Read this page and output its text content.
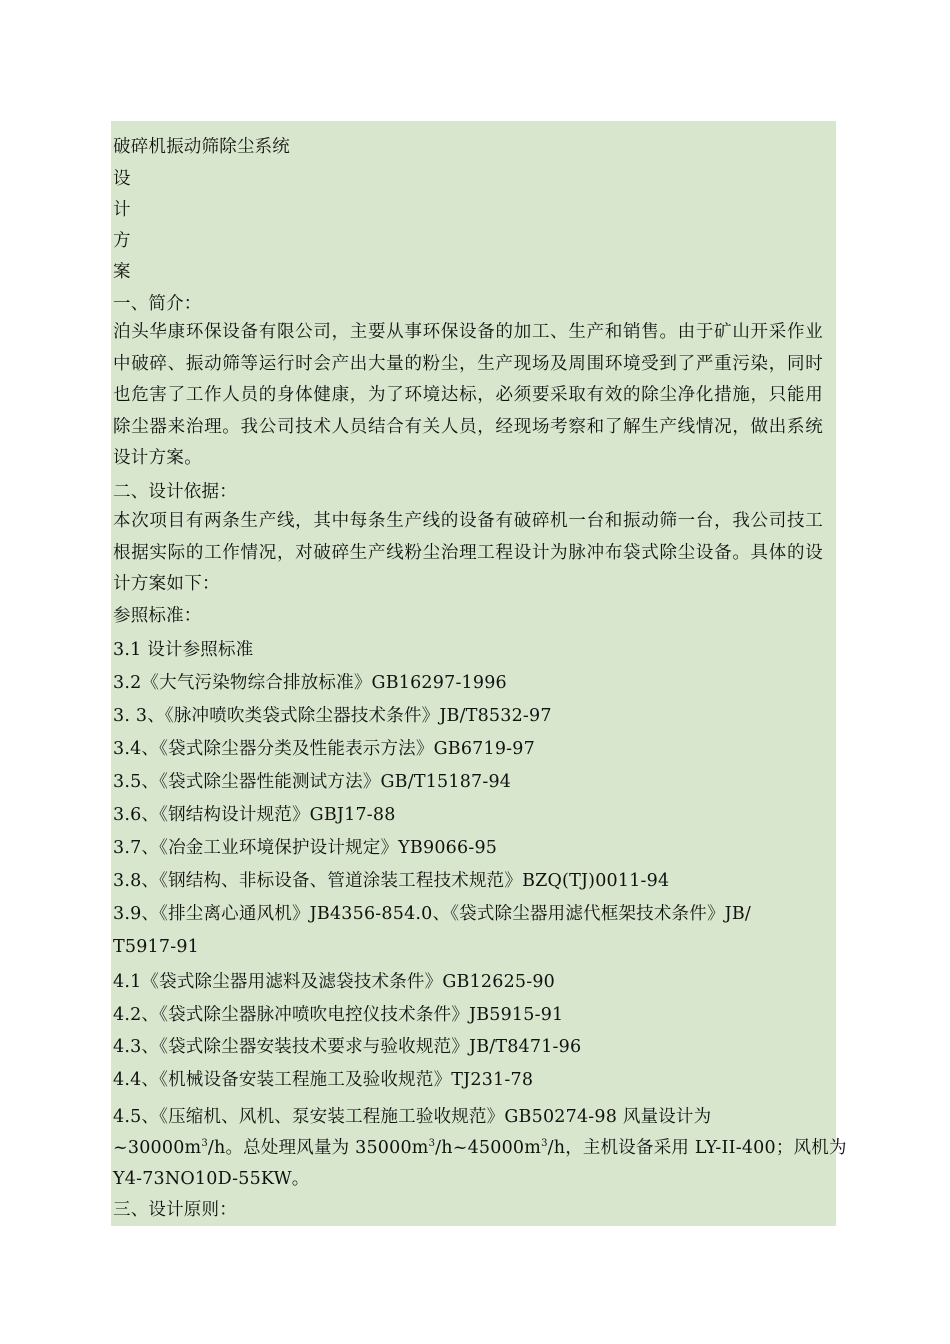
破碎机振动筛除尘系统
设
计
方
案
一、简介：
泊头华康环保设备有限公司，主要从事环保设备的加工、生产和销售。由于矿山开采作业中破碎、振动筛等运行时会产出大量的粉尘，生产现场及周围环境受到了严重污染，同时也危害了工作人员的身体健康，为了环境达标，必须要采取有效的除尘净化措施，只能用除尘器来治理。我公司技术人员结合有关人员，经现场考察和了解生产线情况，做出系统设计方案。
二、设计依据：
本次项目有两条生产线，其中每条生产线的设备有破碎机一台和振动筛一台，我公司技工根据实际的工作情况，对破碎生产线粉尘治理工程设计为脉冲布袋式除尘设备。具体的设计方案如下：
参照标准：
3.1 设计参照标准
3.2《大气污染物综合排放标准》GB16297-1996
3. 3、《脉冲喷吹类袋式除尘器技术条件》JB/T8532-97
3.4、《袋式除尘器分类及性能表示方法》GB6719-97
3.5、《袋式除尘器性能测试方法》GB/T15187-94
3.6、《钢结构设计规范》GBJ17-88
3.7、《冶金工业环境保护设计规定》YB9066-95
3.8、《钢结构、非标设备、管道涂装工程技术规范》BZQ(TJ)0011-94
3.9、《排尘离心通风机》JB4356-854.0、《袋式除尘器用滤代框架技术条件》JB/
T5917-91
4.1《袋式除尘器用滤料及滤袋技术条件》GB12625-90
4.2、《袋式除尘器脉冲喷吹电控仪技术条件》JB5915-91
4.3、《袋式除尘器安装技术要求与验收规范》JB/T8471-96
4.4、《机械设备安装工程施工及验收规范》TJ231-78
4.5、《压缩机、风机、泵安装工程施工验收规范》GB50274-98 风量设计为
$\sim 30000m^3/h$。总处理风量为 $35000m^3/h\sim 45000m^3/h$，主机设备采用 LY-II-400；风机为
Y4-73NO10D-55KW。
三、设计原则：
